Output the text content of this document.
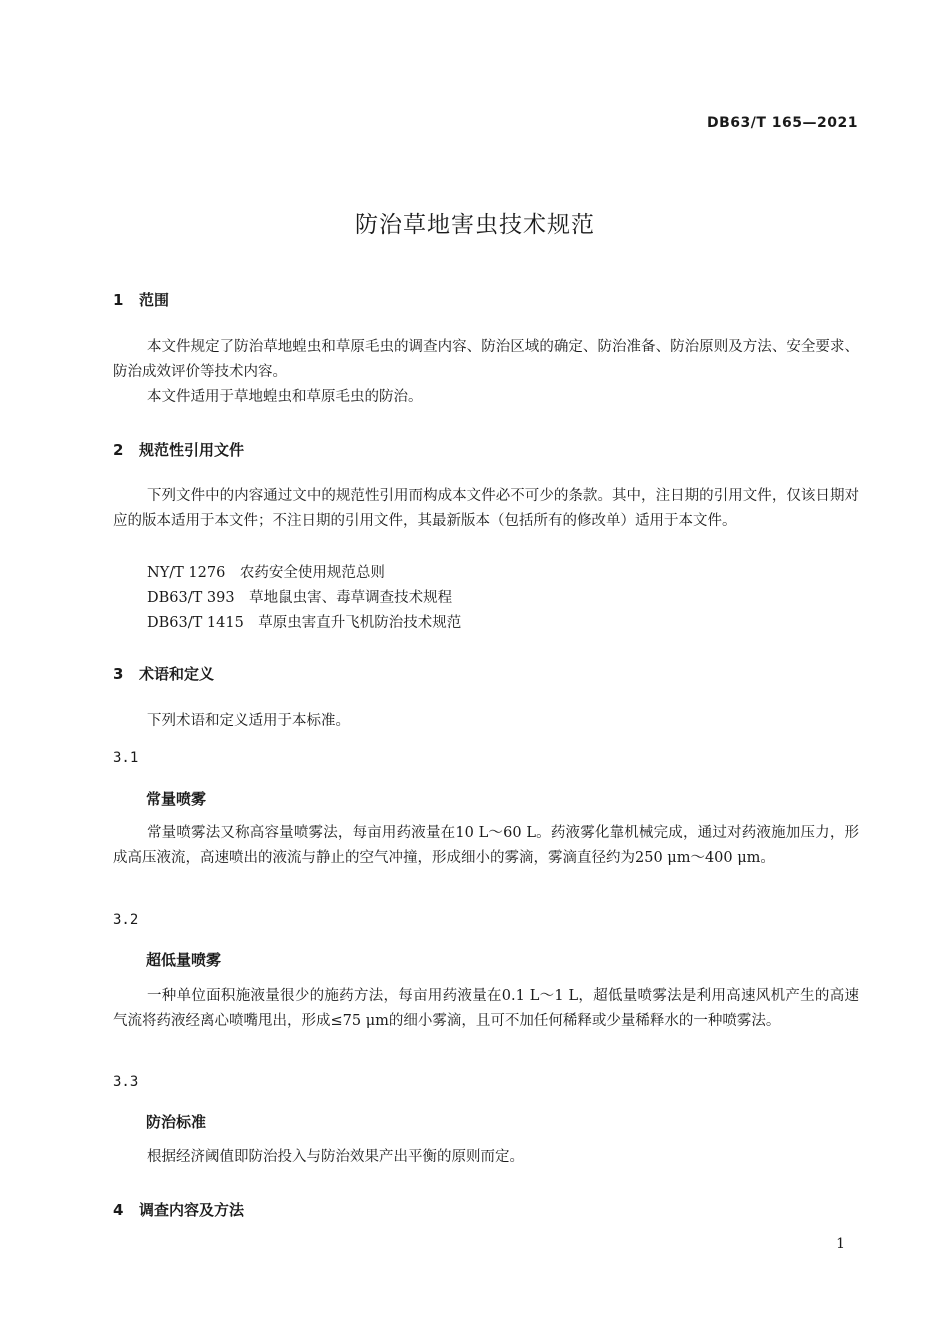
DB63/T 165—2021
防治草地害虫技术规范
1 范围
本文件规定了防治草地蝗虫和草原毛虫的调查内容、防治区域的确定、防治准备、防治原则及方法、安全要求、防治成效评价等技术内容。
本文件适用于草地蝗虫和草原毛虫的防治。
2 规范性引用文件
下列文件中的内容通过文中的规范性引用而构成本文件必不可少的条款。其中，注日期的引用文件，仅该日期对应的版本适用于本文件；不注日期的引用文件，其最新版本（包括所有的修改单）适用于本文件。
NY/T 1276　农药安全使用规范总则
DB63/T 393　草地鼠虫害、毒草调查技术规程
DB63/T 1415　草原虫害直升飞机防治技术规范
3 术语和定义
下列术语和定义适用于本标准。
3.1
常量喷雾
常量喷雾法又称高容量喷雾法，每亩用药液量在10 L～60 L。药液雾化靠机械完成，通过对药液施加压力，形成高压液流，高速喷出的液流与静止的空气冲撞，形成细小的雾滴，雾滴直径约为250 μm～400 μm。
3.2
超低量喷雾
一种单位面积施液量很少的施药方法，每亩用药液量在0.1 L～1 L，超低量喷雾法是利用高速风机产生的高速气流将药液经离心喷嘴甩出，形成≤75 μm的细小雾滴，且可不加任何稀释或少量稀释水的一种喷雾法。
3.3
防治标准
根据经济阈值即防治投入与防治效果产出平衡的原则而定。
4 调查内容及方法
1
